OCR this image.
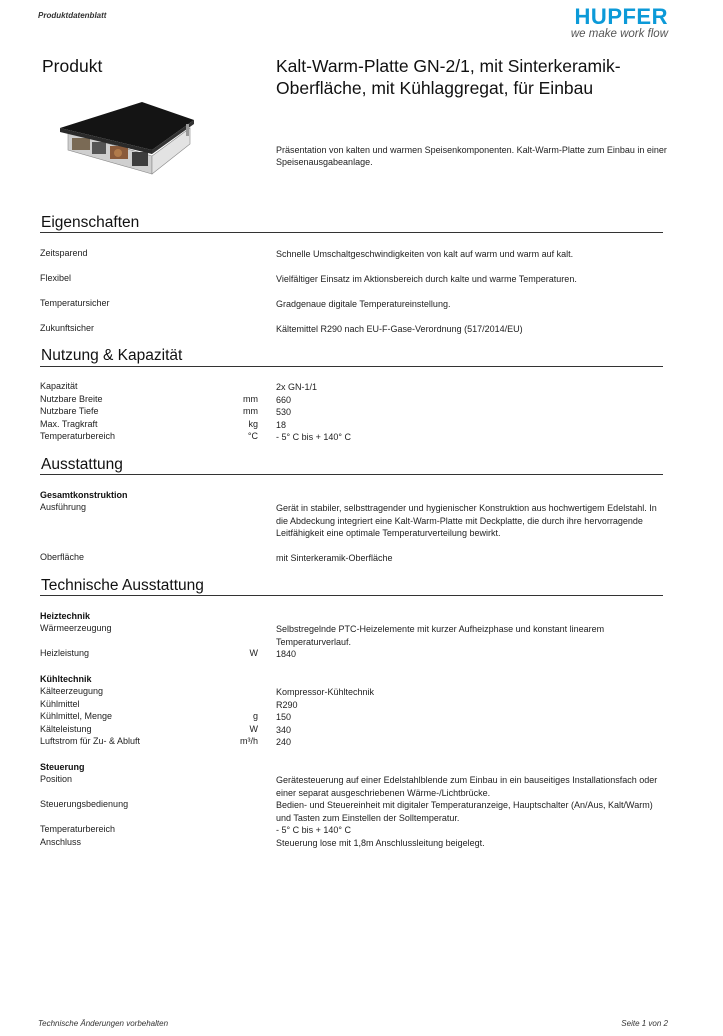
Produktdatenblatt	HUPFER
we make work flow
Produkt	Kalt-Warm-Platte GN-2/1, mit Sinterkeramik-Oberfläche, mit Kühlaggregat, für Einbau
Präsentation von kalten und warmen Speisenkomponenten. Kalt-Warm-Platte zum Einbau in einer Speisenausgabeanlage.
Eigenschaften
Zeitsparend	Schnelle Umschaltgeschwindigkeiten von kalt auf warm und warm auf kalt.
Flexibel	Vielfältiger Einsatz im Aktionsbereich durch kalte und warme Temperaturen.
Temperatursicher	Gradgenaue digitale Temperatureinstellung.
Zukunftsicher	Kältemittel R290 nach EU-F-Gase-Verordnung (517/2014/EU)
Nutzung & Kapazität
Kapazität	2x GN-1/1
Nutzbare Breite	mm 660
Nutzbare Tiefe	mm 530
Max. Tragkraft	kg 18
Temperaturbereich	°C - 5° C bis + 140° C
Ausstattung
Gesamtkonstruktion
Ausführung	Gerät in stabiler, selbsttragender und hygienischer Konstruktion aus hochwertigem Edelstahl. In die Abdeckung integriert eine Kalt-Warm-Platte mit Deckplatte, die durch ihre hervorragende Leitfähigkeit eine optimale Temperaturverteilung bewirkt.
Oberfläche	mit Sinterkeramik-Oberfläche
Technische Ausstattung
Heiztechnik
Wärmeerzeugung	Selbstregelnde PTC-Heizelemente mit kurzer Aufheizphase und konstant linearem Temperaturverlauf.
Heizleistung	W 1840
Kühltechnik
Kälteerzeugung	Kompressor-Kühltechnik
Kühlmittel	R290
Kühlmittel, Menge	g 150
Kälteleistung	W 340
Luftstrom für Zu- & Abluft	m³/h 240
Steuerung
Position	Gerätesteuerung auf einer Edelstahlblende zum Einbau in ein bauseitiges Installationsfach oder einer separat ausgeschriebenen Wärme-/Lichtbrücke.
Steuerungsbedienung	Bedien- und Steuereinheit mit digitaler Temperaturanzeige, Hauptschalter (An/Aus, Kalt/Warm) und Tasten zum Einstellen der Solltemperatur.
Temperaturbereich	- 5° C bis + 140° C
Anschluss	Steuerung lose mit 1,8m Anschlussleitung beigelegt.
Technische Änderungen vorbehalten	Seite 1 von 2
